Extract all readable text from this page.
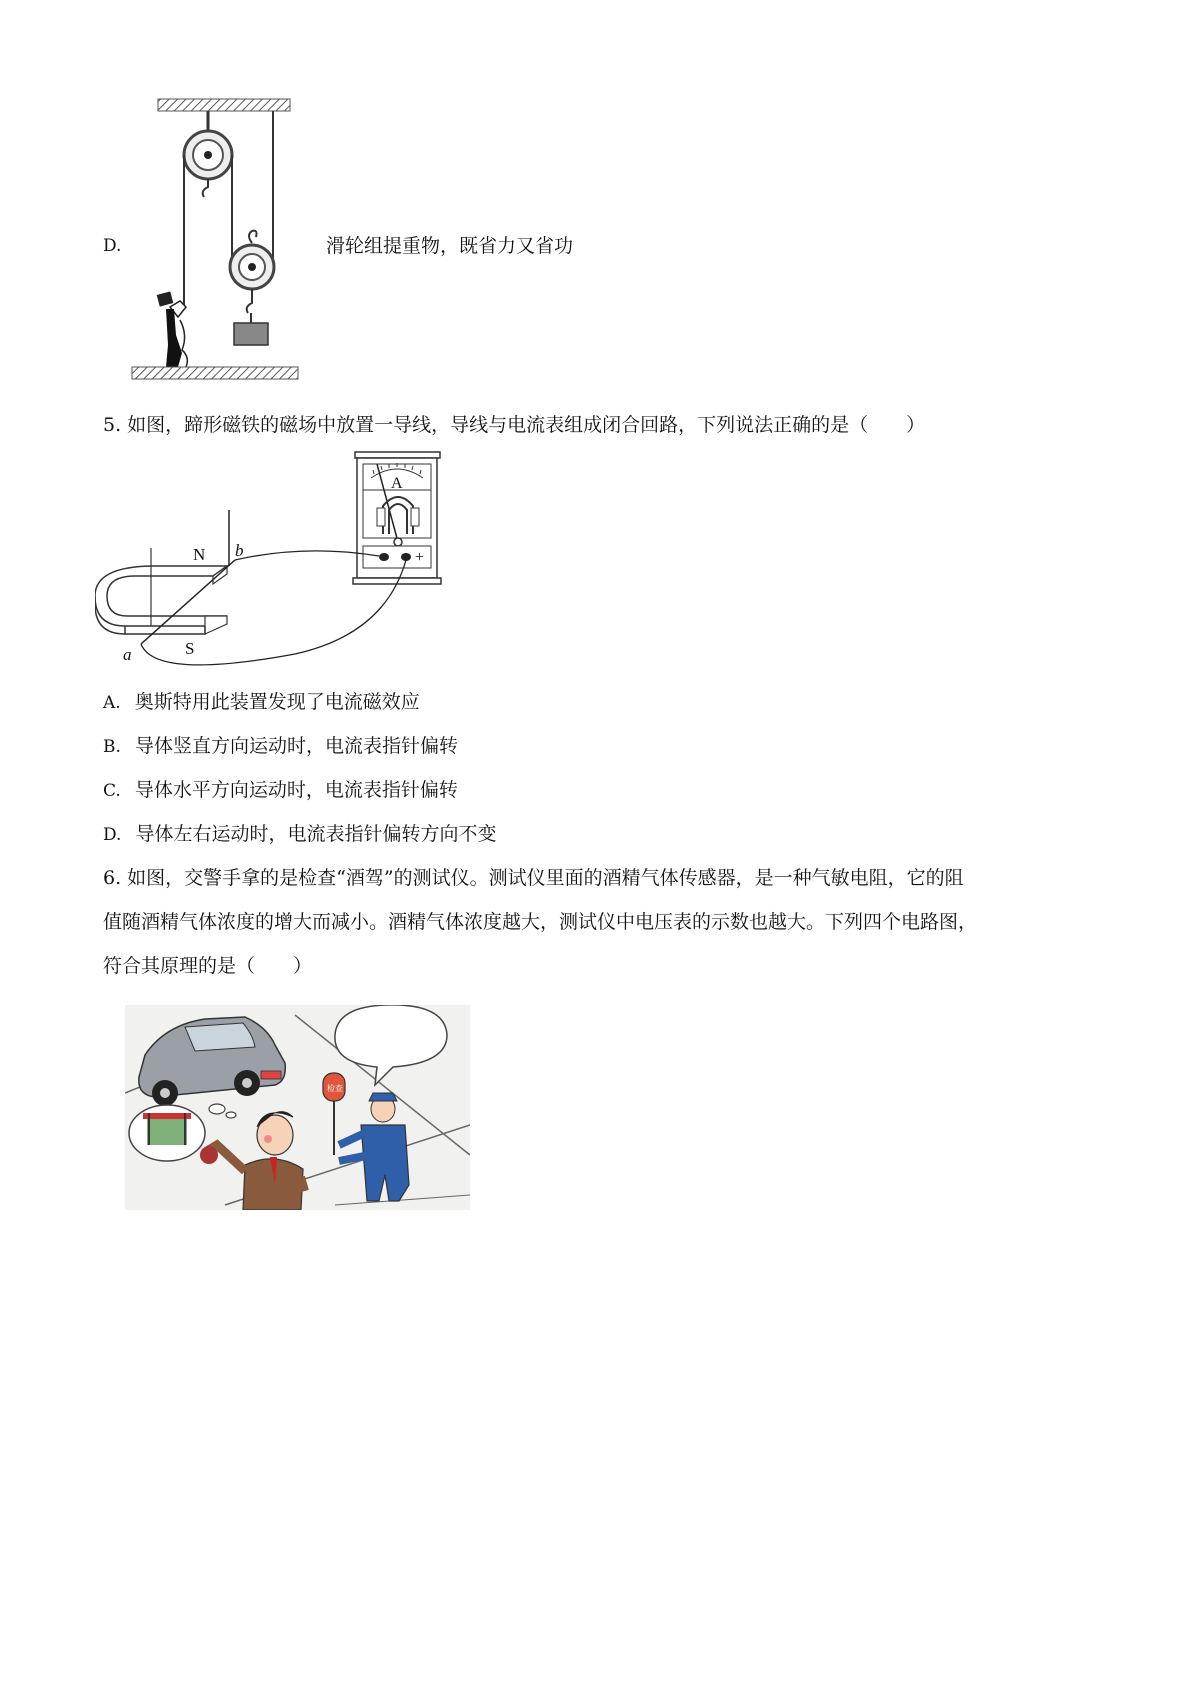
D.	滑轮组提重物，既省力又省功
5. 如图，蹄形磁铁的磁场中放置一导线，导线与电流表组成闭合回路，下列说法正确的是（　　）
A
+
N
S
b
a
A. 奥斯特用此装置发现了电流磁效应
B. 导体竖直方向运动时，电流表指针偏转
C. 导体水平方向运动时，电流表指针偏转
D. 导体左右运动时，电流表指针偏转方向不变
6. 如图，交警手拿的是检查“酒驾”的测试仪。测试仪里面的酒精气体传感器，是一种气敏电阻，它的阻
值随酒精气体浓度的增大而减小。酒精气体浓度越大，测试仪中电压表的示数也越大。下列四个电路图，
符合其原理的是（　　）
检查
